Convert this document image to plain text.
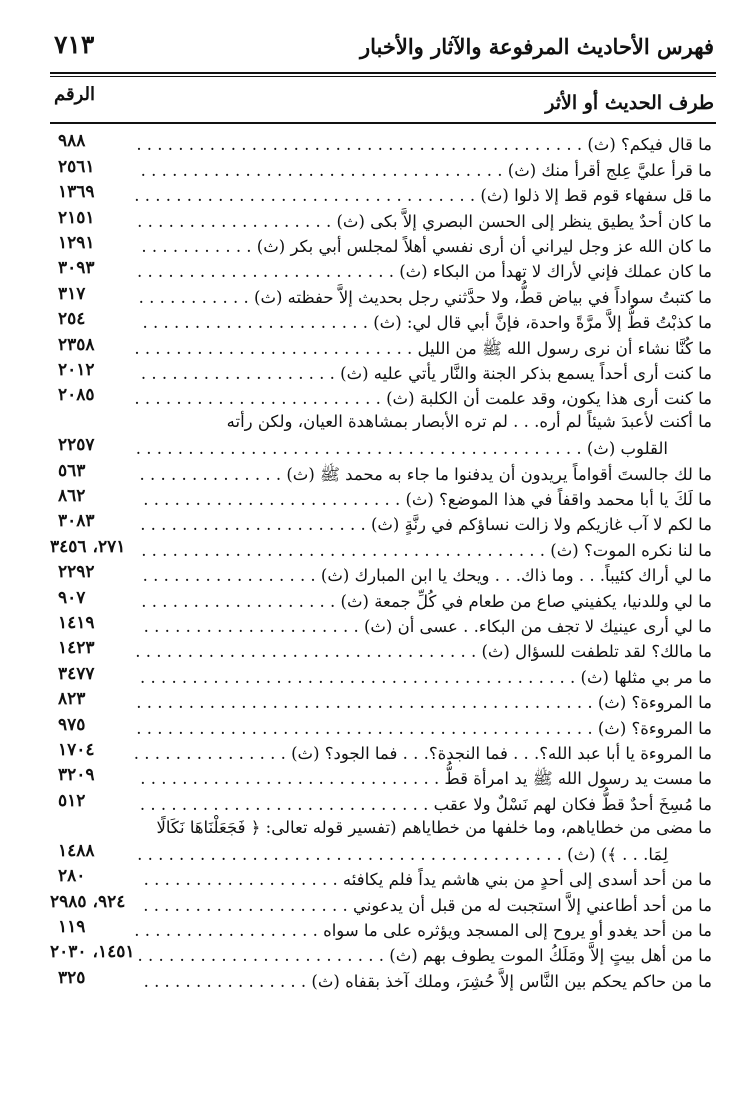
فهرس الأحاديث المرفوعة والآثار والأخبار
٧١٣
طرف الحديث أو الأثر
الرقم
ما قال فيكم؟ (ث) . . . . . . . . . . . . . . . . . . . . . . . . . . . . . . . . . . . . . . . . . . .
٩٨٨
ما قرأ عليَّ عِلج أقرأ منك (ث) . . . . . . . . . . . . . . . . . . . . . . . . . . . . . . . . . . .
٢٥٦١
ما قل سفهاء قوم قط إلا ذلوا (ث) . . . . . . . . . . . . . . . . . . . . . . . . . . . . . . . . .
١٣٦٩
ما كان أحدٌ يطيق ينظر إلى الحسن البصري إلاَّ بكى (ث) . . . . . . . . . . . . . . . . . . .
٢١٥١
ما كان الله عز وجل ليراني أن أرى نفسي أهلاً لمجلس أبي بكر (ث) . . . . . . . . . . .
١٢٩١
ما كان عملك فإني لأراك لا تهدأ من البكاء (ث) . . . . . . . . . . . . . . . . . . . . . . . . .
٣٠٩٣
ما كتبتُ سواداً في بياض قطُّ، ولا حدَّثني رجل بحديث إلاَّ حفظته (ث) . . . . . . . . . . .
٣١٧
ما كذبْتُ قطُّ إلاَّ مرَّةً واحدة، فإنَّ أبي قال لي: (ث) . . . . . . . . . . . . . . . . . . . . . .
٢٥٤
ما كُنَّا نشاء أن نرى رسول الله ﷺ من الليل . . . . . . . . . . . . . . . . . . . . . . . . . . .
٢٣٥٨
ما كنت أرى أحداً يسمع بذكر الجنة والنَّار يأتي عليه (ث) . . . . . . . . . . . . . . . . . . .
٢٠١٢
ما كنت أرى هذا يكون، وقد علمت أن الكلبة (ث) . . . . . . . . . . . . . . . . . . . . . . . .
٢٠٨٥
ما أكنت لأعبدَ شيئاً لم أره. . . لم تره الأبصار بمشاهدة العيان، ولكن رأته
القلوب (ث) . . . . . . . . . . . . . . . . . . . . . . . . . . . . . . . . . . . . . . . . . . .
٢٢٥٧
ما لك جالستَ أقواماً يريدون أن يدفنوا ما جاء به محمد ﷺ (ث) . . . . . . . . . . . . . .
٥٦٣
ما لَكَ يا أبا محمد واقفاً في هذا الموضع؟ (ث) . . . . . . . . . . . . . . . . . . . . . . . . .
٨٦٢
ما لكم لا آب غازيكم ولا زالت نساؤكم في رنَّةٍ (ث) . . . . . . . . . . . . . . . . . . . . . .
٣٠٨٣
ما لنا نكره الموت؟ (ث) . . . . . . . . . . . . . . . . . . . . . . . . . . . . . . . . . . . . . . .
٢٧١، ٣٤٥٦
ما لي أراك كئيباً. . . وما ذاك. . . ويحك يا ابن المبارك (ث) . . . . . . . . . . . . . . . . .
٢٢٩٢
ما لي وللدنيا، يكفيني صاع من طعام في كُلِّ جمعة (ث) . . . . . . . . . . . . . . . . . . .
٩٠٧
ما لي أرى عينيك لا تجف من البكاء. . عسى أن (ث) . . . . . . . . . . . . . . . . . . . . .
١٤١٩
ما مالك؟ لقد تلطفت للسؤال (ث) . . . . . . . . . . . . . . . . . . . . . . . . . . . . . . . . .
١٤٢٣
ما مر بي مثلها (ث) . . . . . . . . . . . . . . . . . . . . . . . . . . . . . . . . . . . . . . . . . .
٣٤٧٧
ما المروءة؟ (ث) . . . . . . . . . . . . . . . . . . . . . . . . . . . . . . . . . . . . . . . . . . . .
٨٢٣
ما المروءة؟ (ث) . . . . . . . . . . . . . . . . . . . . . . . . . . . . . . . . . . . . . . . . . . . .
٩٧٥
ما المروءة يا أبا عبد الله؟. . . فما النجدة؟. . . فما الجود؟ (ث) . . . . . . . . . . . . . . .
١٧٠٤
ما مست يد رسول الله ﷺ يد امرأة قطُّ . . . . . . . . . . . . . . . . . . . . . . . . . . . . .
٣٢٠٩
ما مُسِخَ أحدٌ قطُّ فكان لهم نَسْلٌ ولا عقب . . . . . . . . . . . . . . . . . . . . . . . . . . . .
٥١٢
ما مضى من خطاياهم، وما خلفها من خطاياهم (تفسير قوله تعالى: ﴿ فَجَعَلْنَاهَا نَكَالًا
لِمَا. . . ﴾) (ث) . . . . . . . . . . . . . . . . . . . . . . . . . . . . . . . . . . . . . . . . .
١٤٨٨
ما من أحد أسدى إلى أحدٍ من بني هاشم يداً فلم يكافئه . . . . . . . . . . . . . . . . . . .
٢٨٠
ما من أحد أطاعني إلاَّ استجبت له من قبل أن يدعوني . . . . . . . . . . . . . . . . . . . .
٩٢٤، ٢٩٨٥
ما من أحد يغدو أو يروح إلى المسجد ويؤثره على ما سواه . . . . . . . . . . . . . . . . . .
١١٩
ما من أهل بيتٍ إلاَّ ومَلَكُ الموت يطوف بهم (ث) . . . . . . . . . . . . . . . . . . . . . . . .
١٤٥١، ٢٠٣٠
ما من حاكم يحكم بين النَّاس إلاَّ حُشِرَ، وملك آخذ بقفاه (ث) . . . . . . . . . . . . . . . .
٣٢٥
